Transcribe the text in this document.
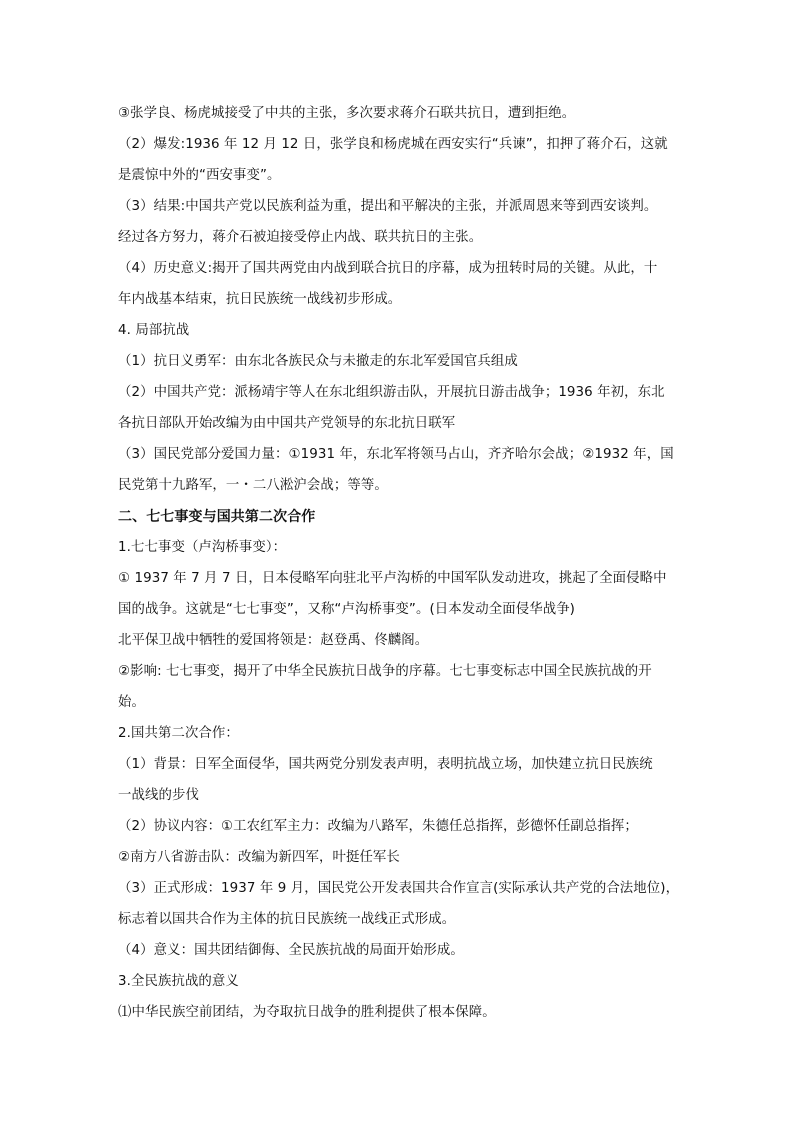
③张学良、杨虎城接受了中共的主张，多次要求蒋介石联共抗日，遭到拒绝。
（2）爆发:1936 年 12 月 12 日，张学良和杨虎城在西安实行“兵谏”，扣押了蒋介石，这就
是震惊中外的“西安事变”。
（3）结果:中国共产党以民族利益为重，提出和平解决的主张，并派周恩来等到西安谈判。
经过各方努力，蒋介石被迫接受停止内战、联共抗日的主张。
（4）历史意义:揭开了国共两党由内战到联合抗日的序幕，成为扭转时局的关键。从此，十
年内战基本结束，抗日民族统一战线初步形成。
4. 局部抗战
（1）抗日义勇军：由东北各族民众与未撤走的东北军爱国官兵组成
（2）中国共产党：派杨靖宇等人在东北组织游击队，开展抗日游击战争；1936 年初，东北
各抗日部队开始改编为由中国共产党领导的东北抗日联军
（3）国民党部分爱国力量：①1931 年，东北军将领马占山，齐齐哈尔会战；②1932 年，国
民党第十九路军，一・二八淞沪会战；等等。
二、七七事变与国共第二次合作
1.七七事变（卢沟桥事变）：
① 1937 年 7 月 7 日，日本侵略军向驻北平卢沟桥的中国军队发动进攻，挑起了全面侵略中
国的战争。这就是“七七事变”，又称“卢沟桥事变”。(日本发动全面侵华战争)
北平保卫战中牺牲的爱国将领是：赵登禹、佟麟阁。
②影响: 七七事变，揭开了中华全民族抗日战争的序幕。七七事变标志中国全民族抗战的开
始。
2.国共第二次合作：
（1）背景：日军全面侵华，国共两党分别发表声明，表明抗战立场，加快建立抗日民族统
一战线的步伐
（2）协议内容：①工农红军主力：改编为八路军，朱德任总指挥，彭德怀任副总指挥；
②南方八省游击队：改编为新四军，叶挺任军长
（3）正式形成：1937 年 9 月，国民党公开发表国共合作宣言(实际承认共产党的合法地位)，
标志着以国共合作为主体的抗日民族统一战线正式形成。
（4）意义：国共团结御侮、全民族抗战的局面开始形成。
3.全民族抗战的意义
⑴中华民族空前团结，为夺取抗日战争的胜利提供了根本保障。
